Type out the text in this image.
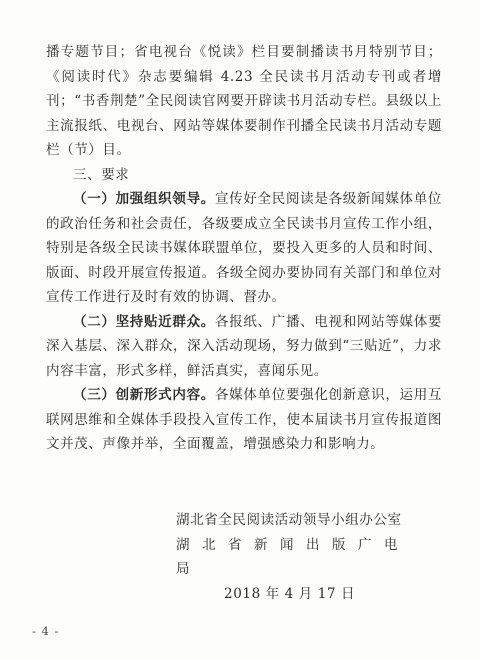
播专题节目；省电视台《悦读》栏目要制播读书月特别节目；《阅读时代》杂志要编辑 4.23 全民读书月活动专刊或者增刊；“书香荆楚”全民阅读官网要开辟读书月活动专栏。县级以上主流报纸、电视台、网站等媒体要制作刊播全民读书月活动专题栏（节）目。

三、要求

（一）加强组织领导。宣传好全民阅读是各级新闻媒体单位的政治任务和社会责任，各级要成立全民读书月宣传工作小组，特别是各级全民读书媒体联盟单位，要投入更多的人员和时间、版面、时段开展宣传报道。各级全阅办要协同有关部门和单位对宣传工作进行及时有效的协调、督办。

（二）坚持贴近群众。各报纸、广播、电视和网站等媒体要深入基层、深入群众，深入活动现场，努力做到“三贴近”，力求内容丰富，形式多样，鲜活真实，喜闻乐见。

（三）创新形式内容。各媒体单位要强化创新意识，运用互联网思维和全媒体手段投入宣传工作，使本届读书月宣传报道图文并茂、声像并举，全面覆盖，增强感染力和影响力。

湖北省全民阅读活动领导小组办公室
湖北省新闻出版广电局
2018 年 4 月 17 日
- 4 -
